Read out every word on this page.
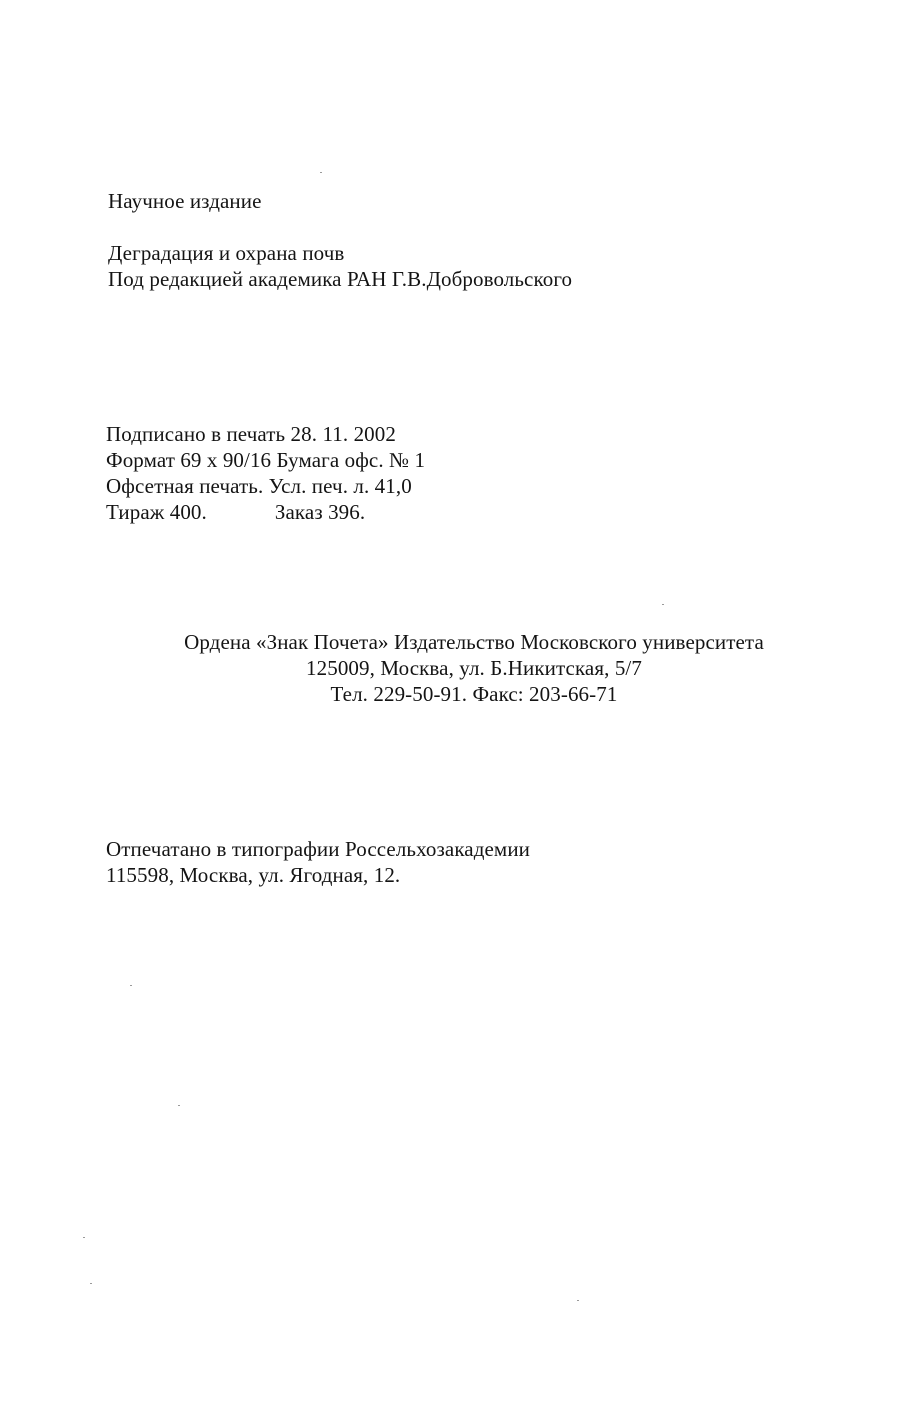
Научное издание
Деградация и охрана почв
Под редакцией академика РАН Г.В.Добровольского
Подписано в печать 28. 11. 2002
Формат 69 х 90/16 Бумага офс. № 1
Офсетная печать. Усл. печ. л. 41,0
Тираж 400.	Заказ 396.
Ордена «Знак Почета» Издательство Московского университета
125009, Москва, ул. Б.Никитская, 5/7
Тел. 229-50-91. Факс: 203-66-71
Отпечатано в типографии Россельхозакадемии
115598, Москва, ул. Ягодная, 12.
